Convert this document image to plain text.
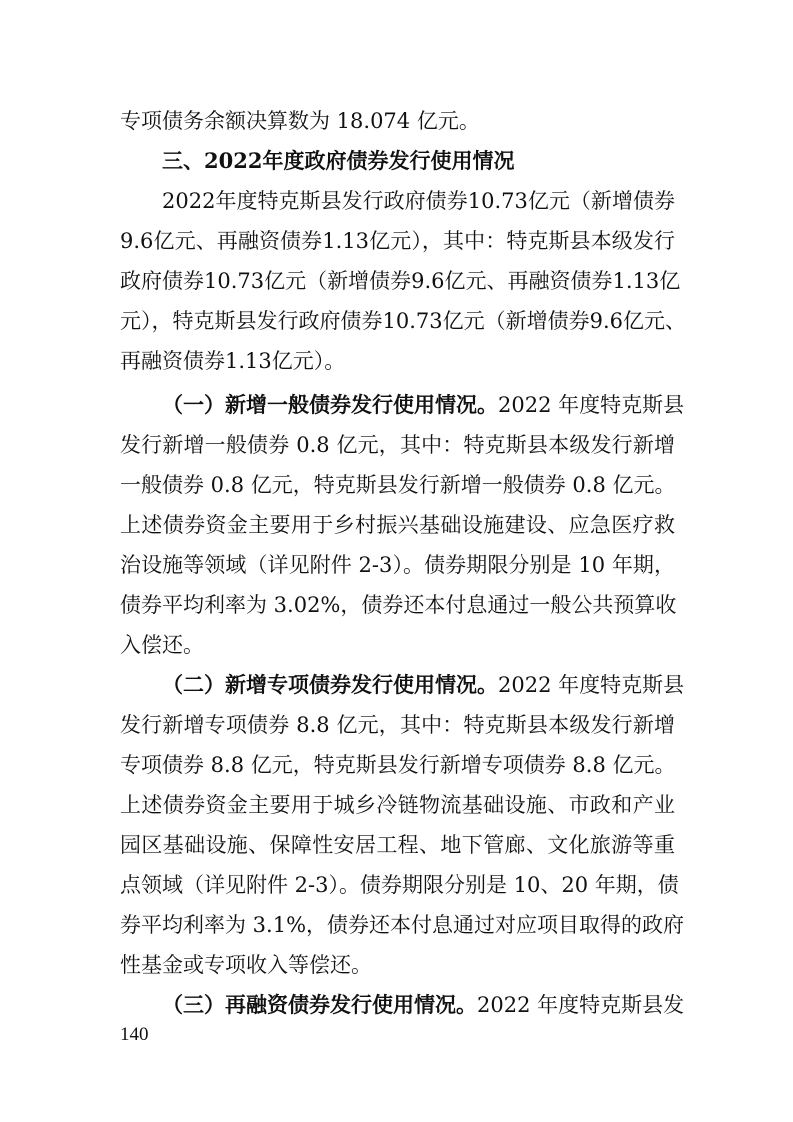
专项债务余额决算数为 18.074 亿元。
三、2022年度政府债券发行使用情况
2022年度特克斯县发行政府债券10.73亿元（新增债券
9.6亿元、再融资债券1.13亿元），其中：特克斯县本级发行
政府债券10.73亿元（新增债券9.6亿元、再融资债券1.13亿
元），特克斯县发行政府债券10.73亿元（新增债券9.6亿元、
再融资债券1.13亿元）。
（一）新增一般债券发行使用情况。2022 年度特克斯县
发行新增一般债券 0.8 亿元，其中：特克斯县本级发行新增
一般债券 0.8 亿元，特克斯县发行新增一般债券 0.8 亿元。
上述债券资金主要用于乡村振兴基础设施建设、应急医疗救
治设施等领域（详见附件 2-3）。债券期限分别是 10 年期，
债券平均利率为 3.02%，债券还本付息通过一般公共预算收
入偿还。
（二）新增专项债券发行使用情况。2022 年度特克斯县
发行新增专项债券 8.8 亿元，其中：特克斯县本级发行新增
专项债券 8.8 亿元，特克斯县发行新增专项债券 8.8 亿元。
上述债券资金主要用于城乡冷链物流基础设施、市政和产业
园区基础设施、保障性安居工程、地下管廊、文化旅游等重
点领域（详见附件 2-3）。债券期限分别是 10、20 年期，债
券平均利率为 3.1%，债券还本付息通过对应项目取得的政府
性基金或专项收入等偿还。
（三）再融资债券发行使用情况。2022 年度特克斯县发
140
